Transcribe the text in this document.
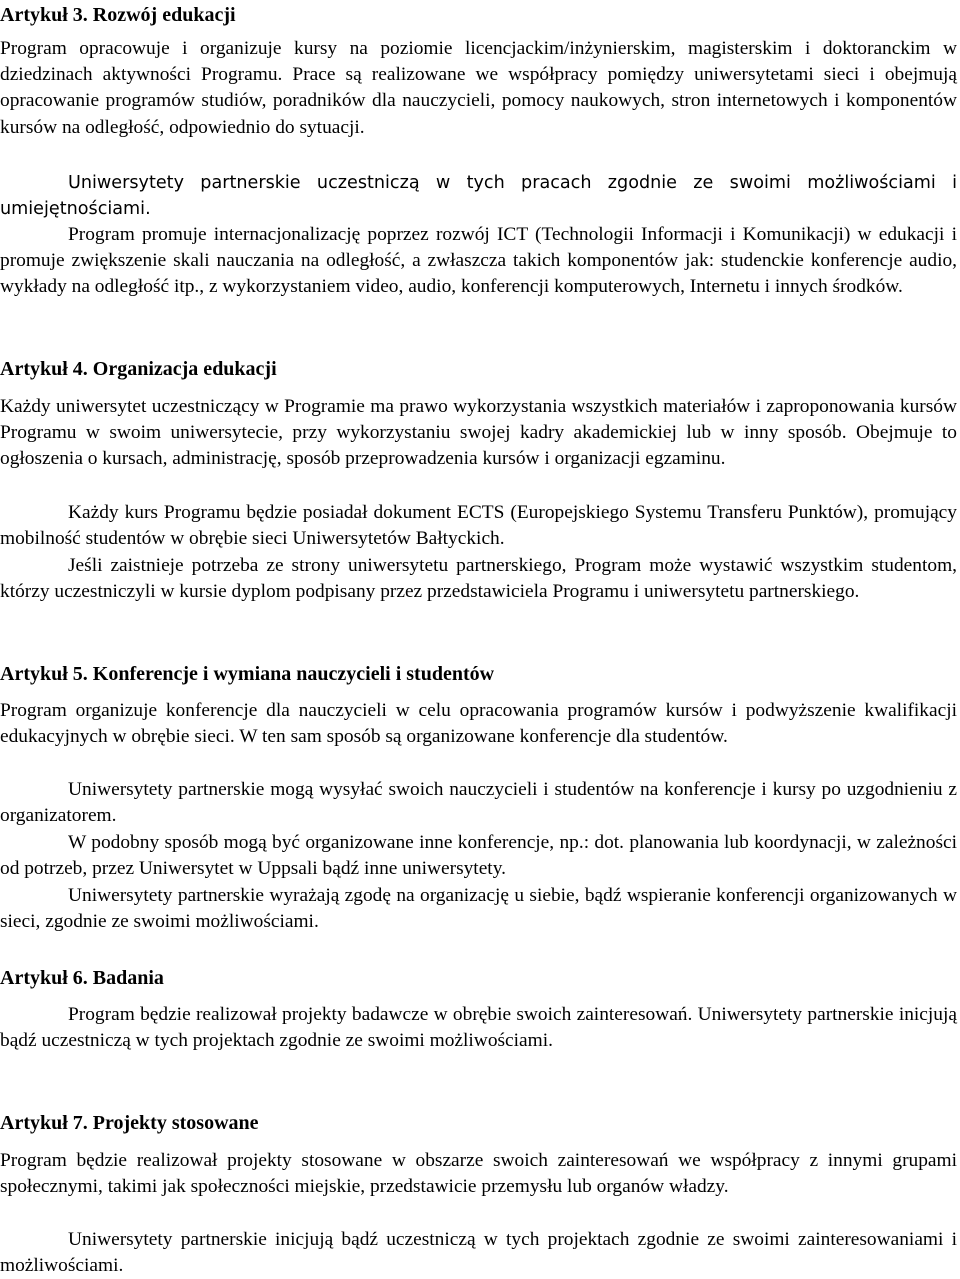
Artykuł 3. Rozwój edukacji

Program opracowuje i organizuje kursy na poziomie licencjackim/inżynierskim, magisterskim i doktoranckim w dziedzinach aktywności Programu. Prace są realizowane we współpracy pomiędzy uniwersytetami sieci i obejmują opracowanie programów studiów, poradników dla nauczycieli, pomocy naukowych, stron internetowych i komponentów kursów na odległość, odpowiednio do sytuacji.

Uniwersytety partnerskie uczestniczą w tych pracach zgodnie ze swoimi możliwościami i umiejętnościami.

Program promuje internacjonalizację poprzez rozwój ICT (Technologii Informacji i Komunikacji) w edukacji i promuje zwiększenie skali nauczania na odległość, a zwłaszcza takich komponentów jak: studenckie konferencje audio, wykłady na odległość itp., z wykorzystaniem video, audio, konferencji komputerowych, Internetu i innych środków.

Artykuł 4. Organizacja edukacji

Każdy uniwersytet uczestniczący w Programie ma prawo wykorzystania wszystkich materiałów i zaproponowania kursów Programu w swoim uniwersytecie, przy wykorzystaniu swojej kadry akademickiej lub w inny sposób. Obejmuje to ogłoszenia o kursach, administrację, sposób przeprowadzenia kursów i organizacji egzaminu.

Każdy kurs Programu będzie posiadał dokument ECTS (Europejskiego Systemu Transferu Punktów), promujący mobilność studentów w obrębie sieci Uniwersytetów Bałtyckich.

Jeśli zaistnieje potrzeba ze strony uniwersytetu partnerskiego, Program może wystawić wszystkim studentom, którzy uczestniczyli w kursie dyplom podpisany przez przedstawiciela Programu i uniwersytetu partnerskiego.

Artykuł 5. Konferencje i wymiana nauczycieli i studentów

Program organizuje konferencje dla nauczycieli w celu opracowania programów kursów i podwyższenie kwalifikacji edukacyjnych w obrębie sieci. W ten sam sposób są organizowane konferencje dla studentów.

Uniwersytety partnerskie mogą wysyłać swoich nauczycieli i studentów na konferencje i kursy po uzgodnieniu z organizatorem.

W podobny sposób mogą być organizowane inne konferencje, np.: dot. planowania lub koordynacji, w zależności od potrzeb, przez Uniwersytet w Uppsali bądź inne uniwersytety.

Uniwersytety partnerskie wyrażają zgodę na organizację u siebie, bądź wspieranie konferencji organizowanych w sieci, zgodnie ze swoimi możliwościami.

Artykuł 6. Badania

Program będzie realizował projekty badawcze w obrębie swoich zainteresowań. Uniwersytety partnerskie inicjują bądź uczestniczą w tych projektach zgodnie ze swoimi możliwościami.

Artykuł 7. Projekty stosowane

Program będzie realizował projekty stosowane w obszarze swoich zainteresowań we współpracy z innymi grupami społecznymi, takimi jak społeczności miejskie, przedstawicie przemysłu lub organów władzy.

Uniwersytety partnerskie inicjują bądź uczestniczą w tych projektach zgodnie ze swoimi zainteresowaniami i możliwościami.
